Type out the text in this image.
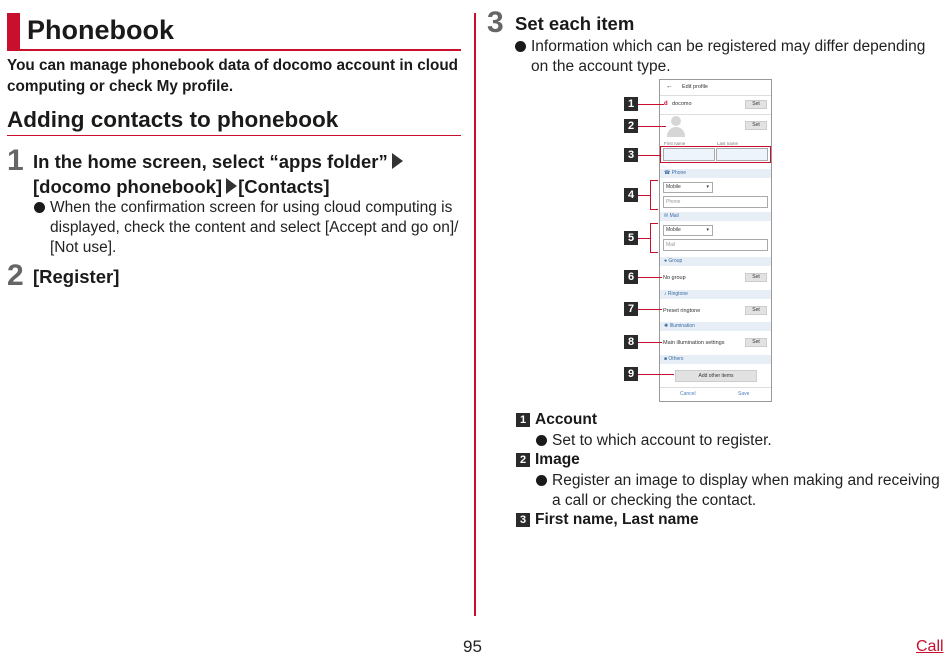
Phonebook
You can manage phonebook data of docomo account in cloud computing or check My profile.
Adding contacts to phonebook
1 In the home screen, select “apps folder”
[docomo phonebook] [Contacts]
When the confirmation screen for using cloud computing is displayed, check the content and select [Accept and go on]/ [Not use].
2 [Register]
3 Set each item
Information which can be registered may differ depending on the account type.
← Edit profile
d docomo	Set
Set
First name	Last name
☎ Phone
Mobile	▾
Phone
✉ Mail
Mobile	▾
Mail
● Group
No group	Set
♪ Ringtone
Preset ringtone	Set
✺ Illumination
Main illumination settings	Set
■ Others
Add other items
Cancel	Save
1
2
3
4
5
6
7
8
9
1 Account
Set to which account to register.
2 Image
Register an image to display when making and receiving a call or checking the contact.
3 First name, Last name
95	Call
